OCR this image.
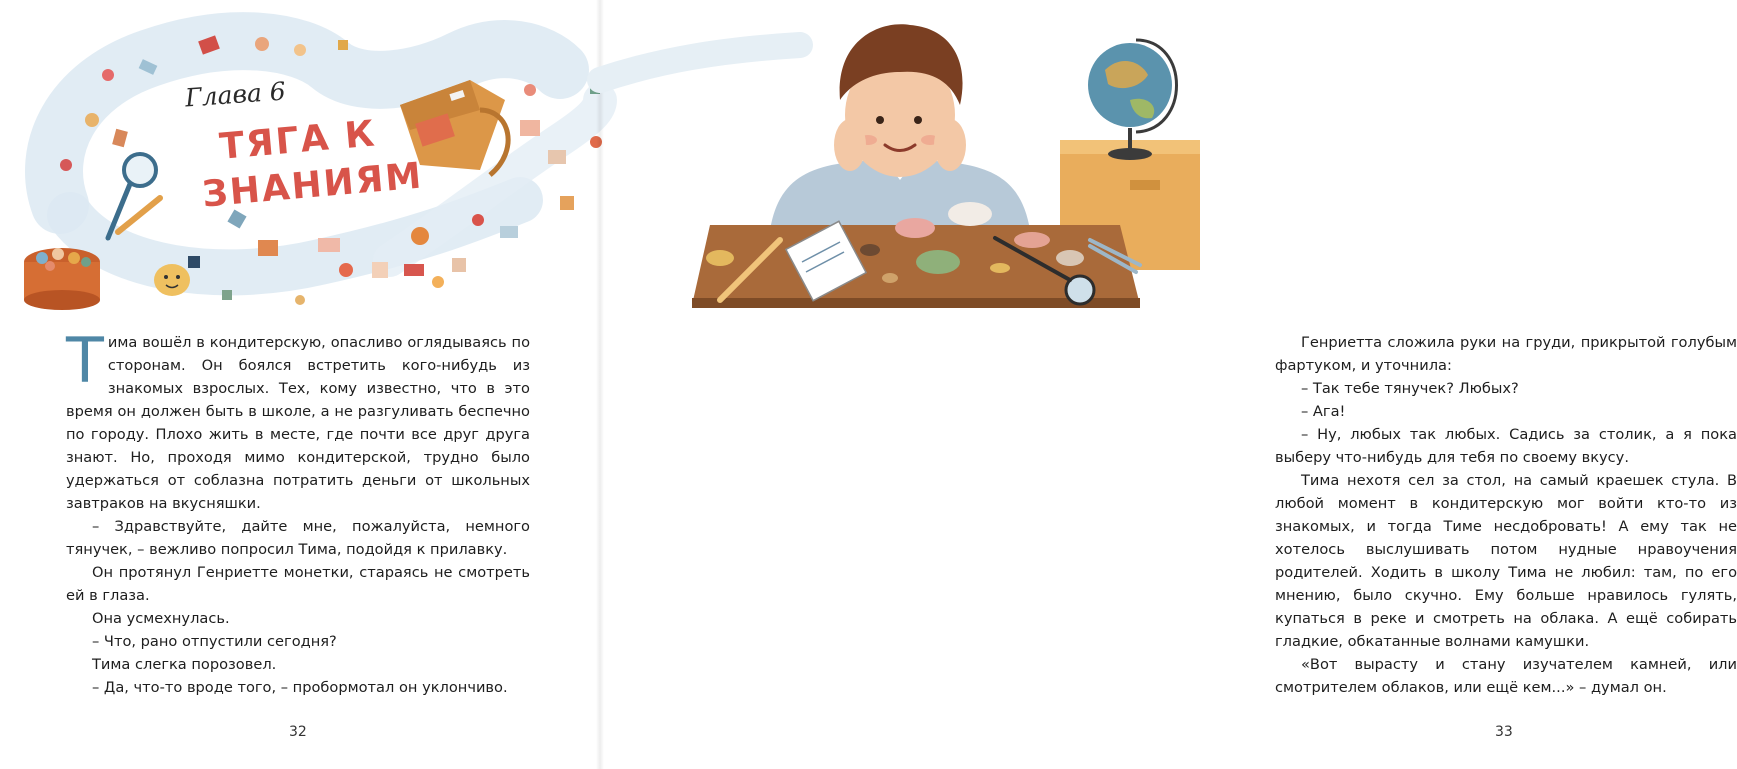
Глава 6
ТЯГА К ЗНАНИЯМ

Тима вошёл в кондитерскую, опасливо оглядываясь по сторонам. Он боялся встретить кого-нибудь из знакомых взрослых. Тех, кому известно, что в это время он должен быть в школе, а не разгуливать беспечно по городу. Плохо жить в месте, где почти все друг друга знают. Но, проходя мимо кондитерской, трудно было удержаться от соблазна потратить деньги от школьных завтраков на вкусняшки.

– Здравствуйте, дайте мне, пожалуйста, немного тянучек, – вежливо попросил Тима, подойдя к прилавку.

Он протянул Генриетте монетки, стараясь не смотреть ей в глаза.

Она усмехнулась.

– Что, рано отпустили сегодня?

Тима слегка порозовел.

– Да, что-то вроде того, – пробормотал он уклончиво.

32

Генриетта сложила руки на груди, прикрытой голубым фартуком, и уточнила:

– Так тебе тянучек? Любых?

– Ага!

– Ну, любых так любых. Садись за столик, а я пока выберу что-нибудь для тебя по своему вкусу.

Тима нехотя сел за стол, на самый краешек стула. В любой момент в кондитерскую мог войти кто-то из знакомых, и тогда Тиме несдобровать! А ему так не хотелось выслушивать потом нудные нравоучения родителей. Ходить в школу Тима не любил: там, по его мнению, было скучно. Ему больше нравилось гулять, купаться в реке и смотреть на облака. А ещё собирать гладкие, обкатанные волнами камушки.

«Вот вырасту и стану изучателем камней, или смотрителем облаков, или ещё кем...» – думал он.

33
